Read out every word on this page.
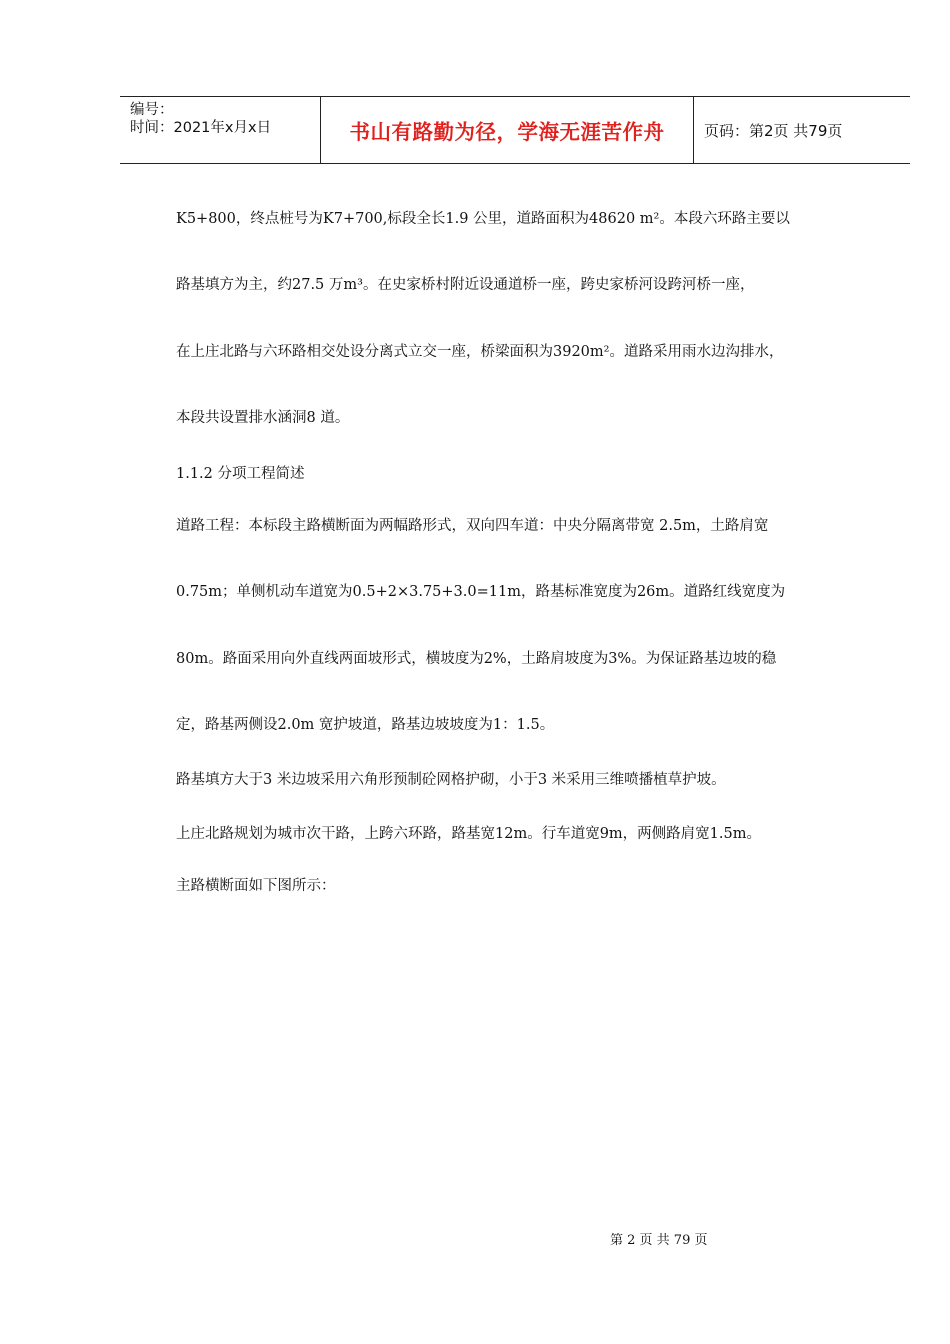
编号：
时间：2021年x月x日	书山有路勤为径，学海无涯苦作舟	页码：第2页 共79页
K5+800，终点桩号为K7+700,标段全长1.9 公里，道路面积为48620 m²。本段六环路主要以
路基填方为主，约27.5 万m³。在史家桥村附近设通道桥一座，跨史家桥河设跨河桥一座，
在上庄北路与六环路相交处设分离式立交一座，桥梁面积为3920m²。道路采用雨水边沟排水，
本段共设置排水涵洞8 道。
1.1.2 分项工程简述
道路工程：本标段主路横断面为两幅路形式，双向四车道：中央分隔离带宽 2.5m，土路肩宽
0.75m；单侧机动车道宽为0.5+2×3.75+3.0=11m，路基标准宽度为26m。道路红线宽度为
80m。路面采用向外直线两面坡形式，横坡度为2%，土路肩坡度为3%。为保证路基边坡的稳
定，路基两侧设2.0m 宽护坡道，路基边坡坡度为1：1.5。
路基填方大于3 米边坡采用六角形预制砼网格护砌，小于3 米采用三维喷播植草护坡。
上庄北路规划为城市次干路，上跨六环路，路基宽12m。行车道宽9m，两侧路肩宽1.5m。
主路横断面如下图所示：
第 2 页 共 79 页
